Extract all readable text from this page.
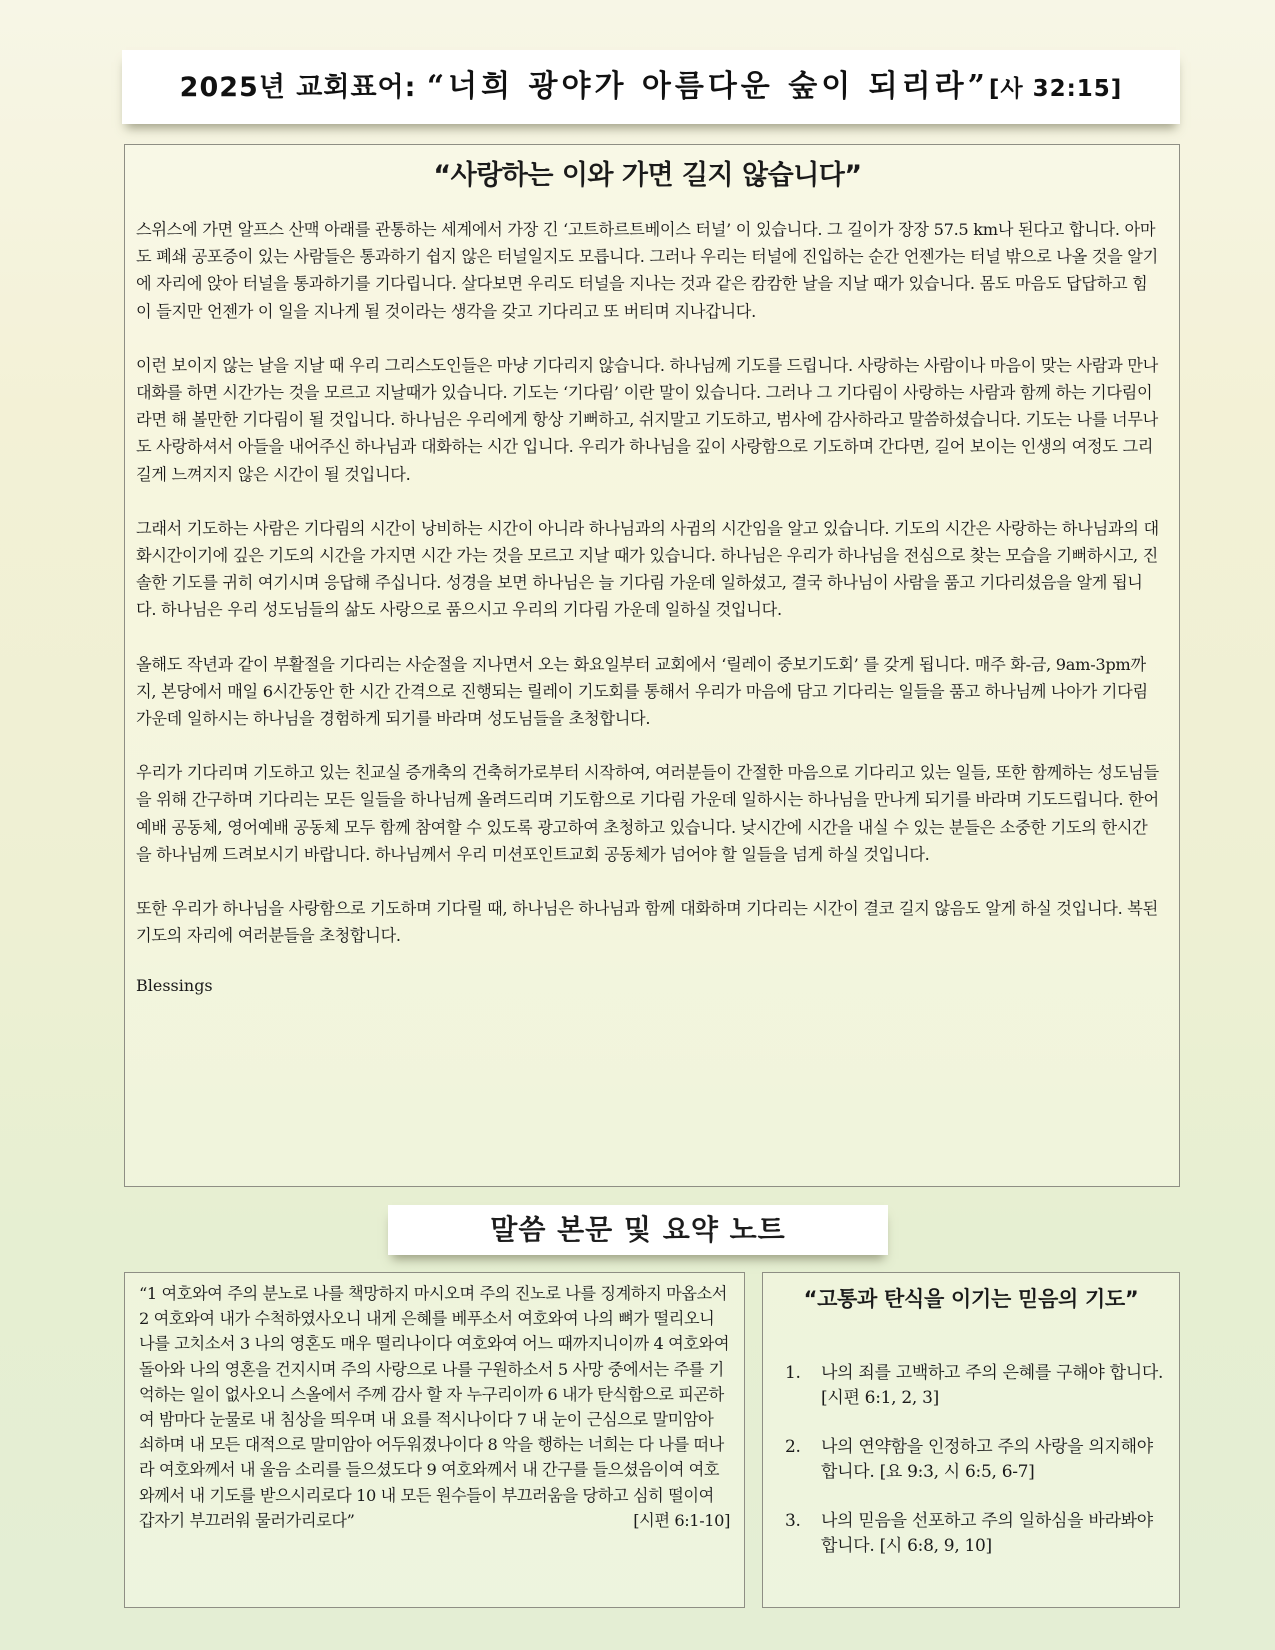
2025년 교회표어: “너희 광야가 아름다운 숲이 되리라”[사 32:15]
“사랑하는 이와 가면 길지 않습니다”

스위스에 가면 알프스 산맥 아래를 관통하는 세계에서 가장 긴 ‘고트하르트베이스 터널’ 이 있습니다. 그 길이가 장장 57.5 km나 된다고 합니다. 아마도 폐쇄 공포증이 있는 사람들은 통과하기 쉽지 않은 터널일지도 모릅니다. 그러나 우리는 터널에 진입하는 순간 언젠가는 터널 밖으로 나올 것을 알기에 자리에 앉아 터널을 통과하기를 기다립니다. 살다보면 우리도 터널을 지나는 것과 같은 캄캄한 날을 지날 때가 있습니다. 몸도 마음도 답답하고 힘이 들지만 언젠가 이 일을 지나게 될 것이라는 생각을 갖고 기다리고 또 버티며 지나갑니다.

이런 보이지 않는 날을 지날 때 우리 그리스도인들은 마냥 기다리지 않습니다. 하나님께 기도를 드립니다. 사랑하는 사람이나 마음이 맞는 사람과 만나 대화를 하면 시간가는 것을 모르고 지날때가 있습니다. 기도는 ‘기다림’ 이란 말이 있습니다. 그러나 그 기다림이 사랑하는 사람과 함께 하는 기다림이라면 해 볼만한 기다림이 될 것입니다. 하나님은 우리에게 항상 기뻐하고, 쉬지말고 기도하고, 범사에 감사하라고 말씀하셨습니다. 기도는 나를 너무나도 사랑하셔서 아들을 내어주신 하나님과 대화하는 시간 입니다. 우리가 하나님을 깊이 사랑함으로 기도하며 간다면, 길어 보이는 인생의 여정도 그리 길게 느껴지지 않은 시간이 될 것입니다.

그래서 기도하는 사람은 기다림의 시간이 낭비하는 시간이 아니라 하나님과의 사귐의 시간임을 알고 있습니다. 기도의 시간은 사랑하는 하나님과의 대화시간이기에 깊은 기도의 시간을 가지면 시간 가는 것을 모르고 지날 때가 있습니다. 하나님은 우리가 하나님을 전심으로 찾는 모습을 기뻐하시고, 진솔한 기도를 귀히 여기시며 응답해 주십니다. 성경을 보면 하나님은 늘 기다림 가운데 일하셨고, 결국 하나님이 사람을 품고 기다리셨음을 알게 됩니다. 하나님은 우리 성도님들의 삶도 사랑으로 품으시고 우리의 기다림 가운데 일하실 것입니다.

올해도 작년과 같이 부활절을 기다리는 사순절을 지나면서 오는 화요일부터 교회에서 ‘릴레이 중보기도회’ 를 갖게 됩니다. 매주 화-금, 9am-3pm까지, 본당에서 매일 6시간동안 한 시간 간격으로 진행되는 릴레이 기도회를 통해서 우리가 마음에 담고 기다리는 일들을 품고 하나님께 나아가 기다림 가운데 일하시는 하나님을 경험하게 되기를 바라며 성도님들을 초청합니다.

우리가 기다리며 기도하고 있는 친교실 증개축의 건축허가로부터 시작하여, 여러분들이 간절한 마음으로 기다리고 있는 일들, 또한 함께하는 성도님들을 위해 간구하며 기다리는 모든 일들을 하나님께 올려드리며 기도함으로 기다림 가운데 일하시는 하나님을 만나게 되기를 바라며 기도드립니다. 한어예배 공동체, 영어예배 공동체 모두 함께 참여할 수 있도록 광고하여 초청하고 있습니다. 낮시간에 시간을 내실 수 있는 분들은 소중한 기도의 한시간을 하나님께 드려보시기 바랍니다. 하나님께서 우리 미션포인트교회 공동체가 넘어야 할 일들을 넘게 하실 것입니다.

또한 우리가 하나님을 사랑함으로 기도하며 기다릴 때, 하나님은 하나님과 함께 대화하며 기다리는 시간이 결코 길지 않음도 알게 하실 것입니다. 복된 기도의 자리에 여러분들을 초청합니다.

Blessings

말씀 본문 및 요약 노트

“1 여호와여 주의 분노로 나를 책망하지 마시오며 주의 진노로 나를 징계하지 마옵소서 2 여호와여 내가 수척하였사오니 내게 은혜를 베푸소서 여호와여 나의 뼈가 떨리오니 나를 고치소서 3 나의 영혼도 매우 떨리나이다 여호와여 어느 때까지니이까 4 여호와여 돌아와 나의 영혼을 건지시며 주의 사랑으로 나를 구원하소서 5 사망 중에서는 주를 기억하는 일이 없사오니 스올에서 주께 감사 할 자 누구리이까 6 내가 탄식함으로 피곤하여 밤마다 눈물로 내 침상을 띄우며 내 요를 적시나이다 7 내 눈이 근심으로 말미암아 쇠하며 내 모든 대적으로 말미암아 어두워졌나이다 8 악을 행하는 너희는 다 나를 떠나라 여호와께서 내 울음 소리를 들으셨도다 9 여호와께서 내 간구를 들으셨음이여 여호와께서 내 기도를 받으시리로다 10 내 모든 원수들이 부끄러움을 당하고 심히 떨이여 갑자기 부끄러워 물러가리로다”	[시편 6:1-10]

“고통과 탄식을 이기는 믿음의 기도”
1.	나의 죄를 고백하고 주의 은혜를 구해야 합니다. [시편 6:1, 2, 3]
2.	나의 연약함을 인정하고 주의 사랑을 의지해야 합니다. [요 9:3, 시 6:5, 6-7]
3.	나의 믿음을 선포하고 주의 일하심을 바라봐야 합니다. [시 6:8, 9, 10]
